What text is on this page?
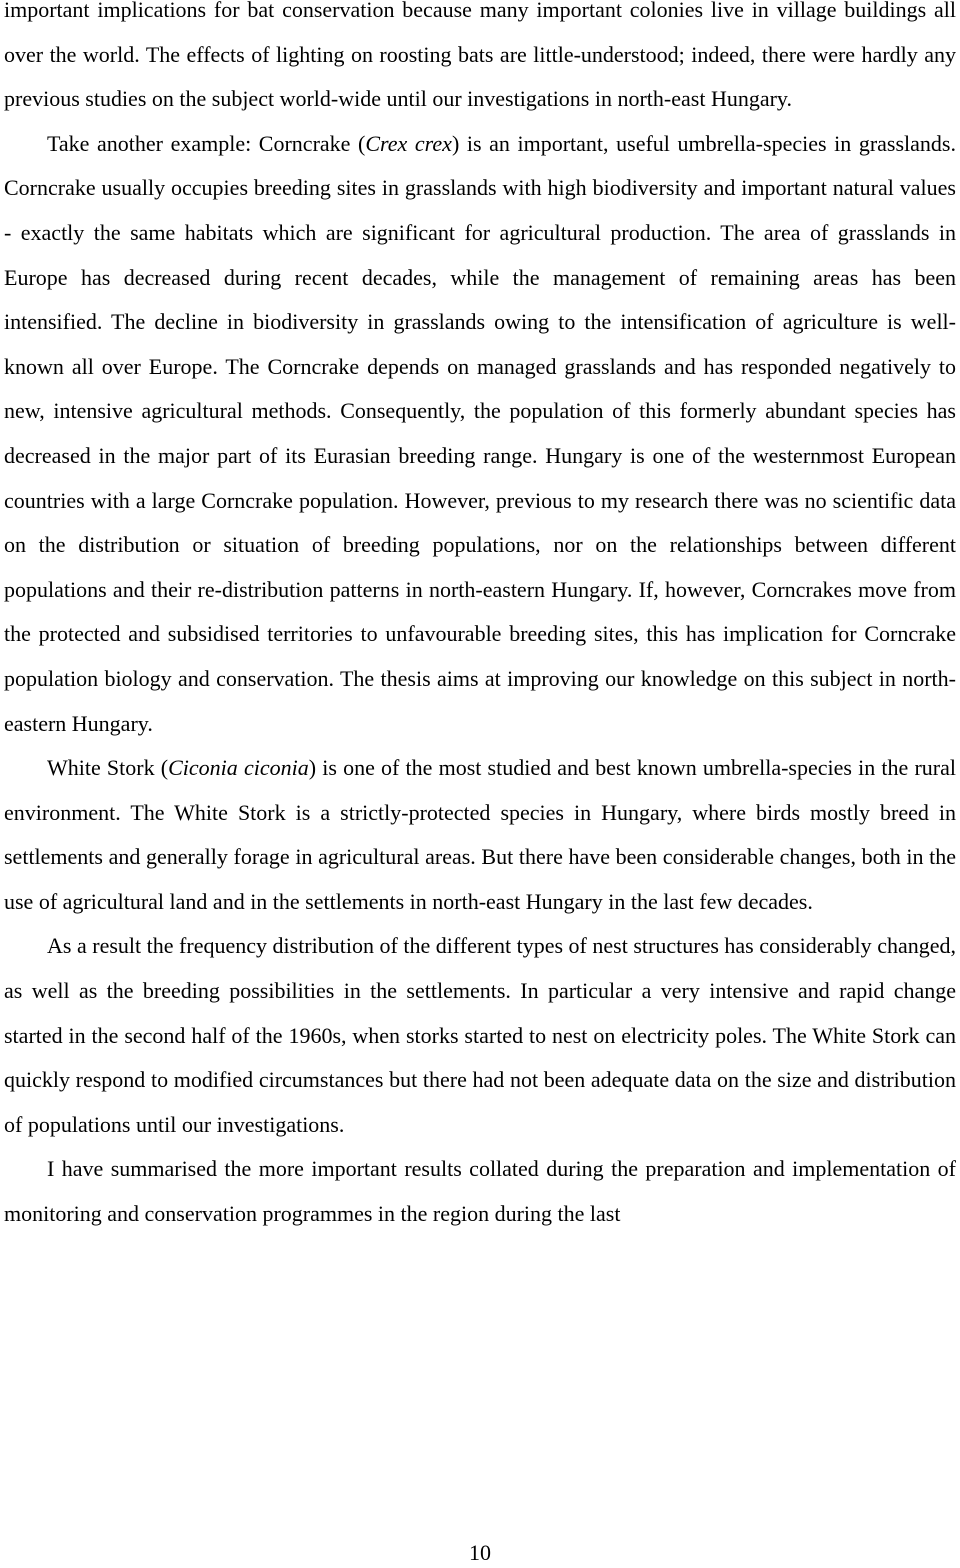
important implications for bat conservation because many important colonies live in village buildings all over the world. The effects of lighting on roosting bats are little-understood; indeed, there were hardly any previous studies on the subject world-wide until our investigations in north-east Hungary.

Take another example: Corncrake (Crex crex) is an important, useful umbrella-species in grasslands. Corncrake usually occupies breeding sites in grasslands with high biodiversity and important natural values - exactly the same habitats which are significant for agricultural production. The area of grasslands in Europe has decreased during recent decades, while the management of remaining areas has been intensified. The decline in biodiversity in grasslands owing to the intensification of agriculture is well-known all over Europe. The Corncrake depends on managed grasslands and has responded negatively to new, intensive agricultural methods. Consequently, the population of this formerly abundant species has decreased in the major part of its Eurasian breeding range. Hungary is one of the westernmost European countries with a large Corncrake population. However, previous to my research there was no scientific data on the distribution or situation of breeding populations, nor on the relationships between different populations and their re-distribution patterns in north-eastern Hungary. If, however, Corncrakes move from the protected and subsidised territories to unfavourable breeding sites, this has implication for Corncrake population biology and conservation. The thesis aims at improving our knowledge on this subject in north-eastern Hungary.

White Stork (Ciconia ciconia) is one of the most studied and best known umbrella-species in the rural environment. The White Stork is a strictly-protected species in Hungary, where birds mostly breed in settlements and generally forage in agricultural areas. But there have been considerable changes, both in the use of agricultural land and in the settlements in north-east Hungary in the last few decades.

As a result the frequency distribution of the different types of nest structures has considerably changed, as well as the breeding possibilities in the settlements. In particular a very intensive and rapid change started in the second half of the 1960s, when storks started to nest on electricity poles. The White Stork can quickly respond to modified circumstances but there had not been adequate data on the size and distribution of populations until our investigations.

I have summarised the more important results collated during the preparation and implementation of monitoring and conservation programmes in the region during the last

10
